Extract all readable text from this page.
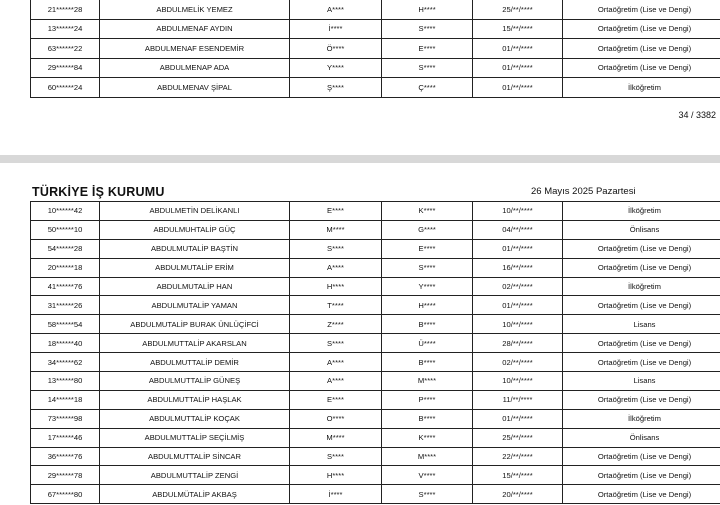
21******28	ABDULMELİK YEMEZ	A****	H****	25/**/****	Ortaöğretim (Lise ve Dengi)
13******24	ABDULMENAF AYDIN	İ****	S****	15/**/****	Ortaöğretim (Lise ve Dengi)
63******22	ABDULMENAF ESENDEMİR	Ö****	E****	01/**/****	Ortaöğretim (Lise ve Dengi)
29******84	ABDULMENAP ADA	Y****	S****	01/**/****	Ortaöğretim (Lise ve Dengi)
60******24	ABDULMENAV ŞİPAL	Ş****	Ç****	01/**/****	İlköğretim
34 / 3382
TÜRKİYE İŞ KURUMU	26 Mayıs 2025 Pazartesi
10******42	ABDULMETİN DELİKANLI	E****	K****	10/**/****	İlköğretim
50******10	ABDULMUHTALİP GÜÇ	M****	G****	04/**/****	Önlisans
54******28	ABDULMUTALİP BAŞTİN	S****	E****	01/**/****	Ortaöğretim (Lise ve Dengi)
20******18	ABDULMUTALİP ERİM	A****	S****	16/**/****	Ortaöğretim (Lise ve Dengi)
41******76	ABDULMUTALİP HAN	H****	Y****	02/**/****	İlköğretim
31******26	ABDULMUTALİP YAMAN	T****	H****	01/**/****	Ortaöğretim (Lise ve Dengi)
58******54	ABDULMUTALİP BURAK ÜNLÜÇİFCİ	Z****	B****	10/**/****	Lisans
18******40	ABDULMUTTALİP AKARSLAN	S****	Ü****	28/**/****	Ortaöğretim (Lise ve Dengi)
34******62	ABDULMUTTALİP DEMİR	A****	B****	02/**/****	Ortaöğretim (Lise ve Dengi)
13******80	ABDULMUTTALİP GÜNEŞ	A****	M****	10/**/****	Lisans
14******18	ABDULMUTTALİP HAŞLAK	E****	P****	11/**/****	Ortaöğretim (Lise ve Dengi)
73******98	ABDULMUTTALİP KOÇAK	O****	B****	01/**/****	İlköğretim
17******46	ABDULMUTTALİP SEÇİLMİŞ	M****	K****	25/**/****	Önlisans
36******76	ABDULMUTTALİP SİNCAR	S****	M****	22/**/****	Ortaöğretim (Lise ve Dengi)
29******78	ABDULMUTTALİP ZENGİ	H****	V****	15/**/****	Ortaöğretim (Lise ve Dengi)
67******80	ABDULMÜTALİP AKBAŞ	İ****	S****	20/**/****	Ortaöğretim (Lise ve Dengi)
